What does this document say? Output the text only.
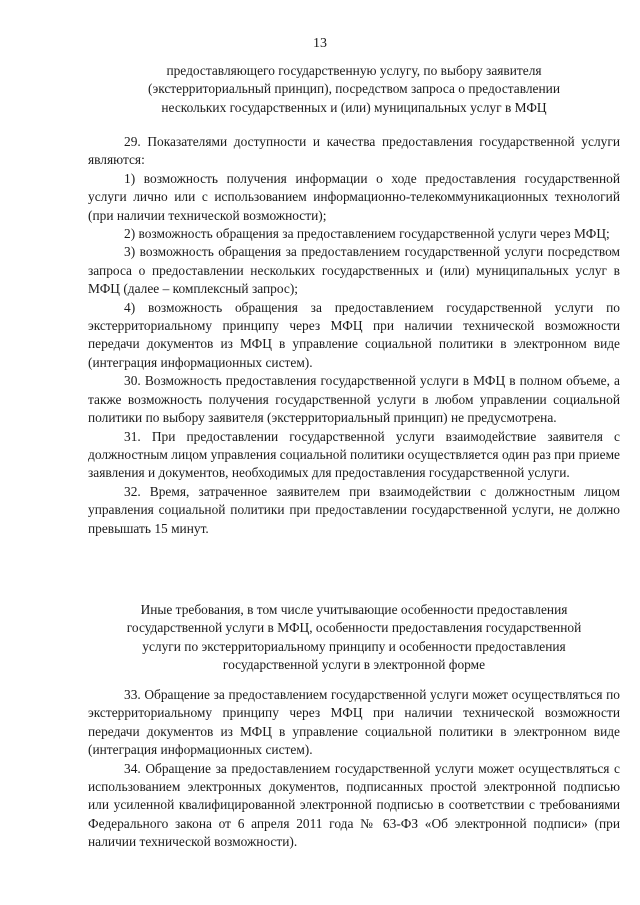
13
предоставляющего государственную услугу, по выбору заявителя
(экстерриториальный принцип), посредством запроса о предоставлении
нескольких государственных и (или) муниципальных услуг в МФЦ

29. Показателями доступности и качества предоставления государственной услуги являются:

1) возможность получения информации о ходе предоставления государственной услуги лично или с использованием информационно-телекоммуникационных технологий (при наличии технической возможности);

2) возможность обращения за предоставлением государственной услуги через МФЦ;

3) возможность обращения за предоставлением государственной услуги посредством запроса о предоставлении нескольких государственных и (или) муниципальных услуг в МФЦ (далее – комплексный запрос);

4) возможность обращения за предоставлением государственной услуги по экстерриториальному принципу через МФЦ при наличии технической возможности передачи документов из МФЦ в управление социальной политики в электронном виде (интеграция информационных систем).

30. Возможность предоставления государственной услуги в МФЦ в полном объеме, а также возможность получения государственной услуги в любом управлении социальной политики по выбору заявителя (экстерриториальный принцип) не предусмотрена.

31. При предоставлении государственной услуги взаимодействие заявителя с должностным лицом управления социальной политики осуществляется один раз при приеме заявления и документов, необходимых для предоставления государственной услуги.

32. Время, затраченное заявителем при взаимодействии с должностным лицом управления социальной политики при предоставлении государственной услуги, не должно превышать 15 минут.

Иные требования, в том числе учитывающие особенности предоставления
государственной услуги в МФЦ, особенности предоставления государственной
услуги по экстерриториальному принципу и особенности предоставления
государственной услуги в электронной форме

33. Обращение за предоставлением государственной услуги может осуществляться по экстерриториальному принципу через МФЦ при наличии технической возможности передачи документов из МФЦ в управление социальной политики в электронном виде (интеграция информационных систем).

34. Обращение за предоставлением государственной услуги может осуществляться с использованием электронных документов, подписанных простой электронной подписью или усиленной квалифицированной электронной подписью в соответствии с требованиями Федерального закона от 6 апреля 2011 года № 63-ФЗ «Об электронной подписи» (при наличии технической возможности).
